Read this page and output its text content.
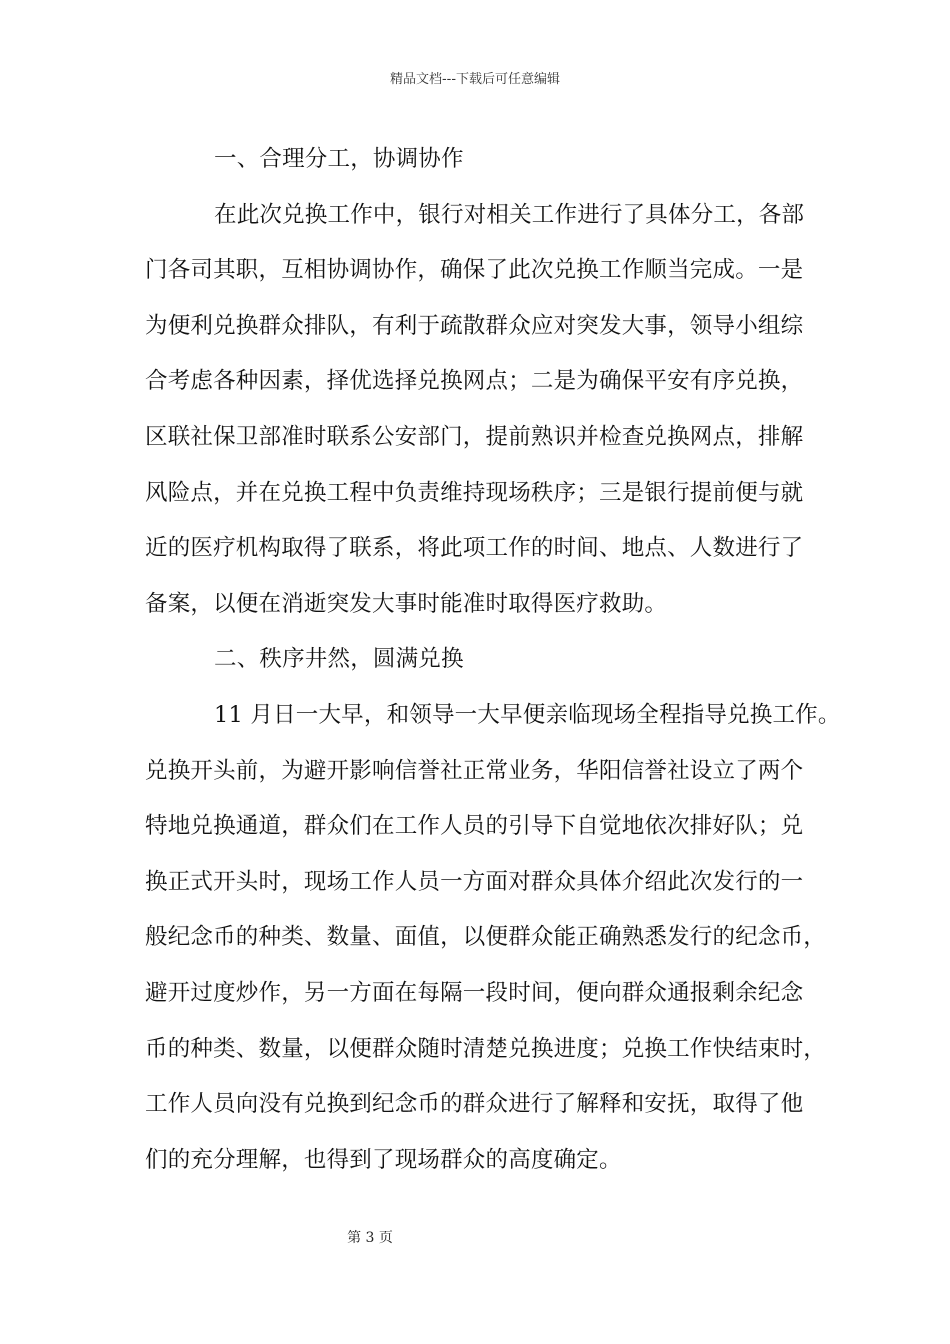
精品文档---下载后可任意编辑
一、合理分工，协调协作
在此次兑换工作中，银行对相关工作进行了具体分工，各部
门各司其职，互相协调协作，确保了此次兑换工作顺当完成。一是
为便利兑换群众排队，有利于疏散群众应对突发大事，领导小组综
合考虑各种因素，择优选择兑换网点；二是为确保平安有序兑换，
区联社保卫部准时联系公安部门，提前熟识并检查兑换网点，排解
风险点，并在兑换工程中负责维持现场秩序；三是银行提前便与就
近的医疗机构取得了联系，将此项工作的时间、地点、人数进行了
备案，以便在消逝突发大事时能准时取得医疗救助。
二、秩序井然，圆满兑换
11 月日一大早，和领导一大早便亲临现场全程指导兑换工作。
兑换开头前，为避开影响信誉社正常业务，华阳信誉社设立了两个
特地兑换通道，群众们在工作人员的引导下自觉地依次排好队；兑
换正式开头时，现场工作人员一方面对群众具体介绍此次发行的一
般纪念币的种类、数量、面值，以便群众能正确熟悉发行的纪念币，
避开过度炒作，另一方面在每隔一段时间，便向群众通报剩余纪念
币的种类、数量，以便群众随时清楚兑换进度；兑换工作快结束时，
工作人员向没有兑换到纪念币的群众进行了解释和安抚，取得了他
们的充分理解，也得到了现场群众的高度确定。
第 3 页
